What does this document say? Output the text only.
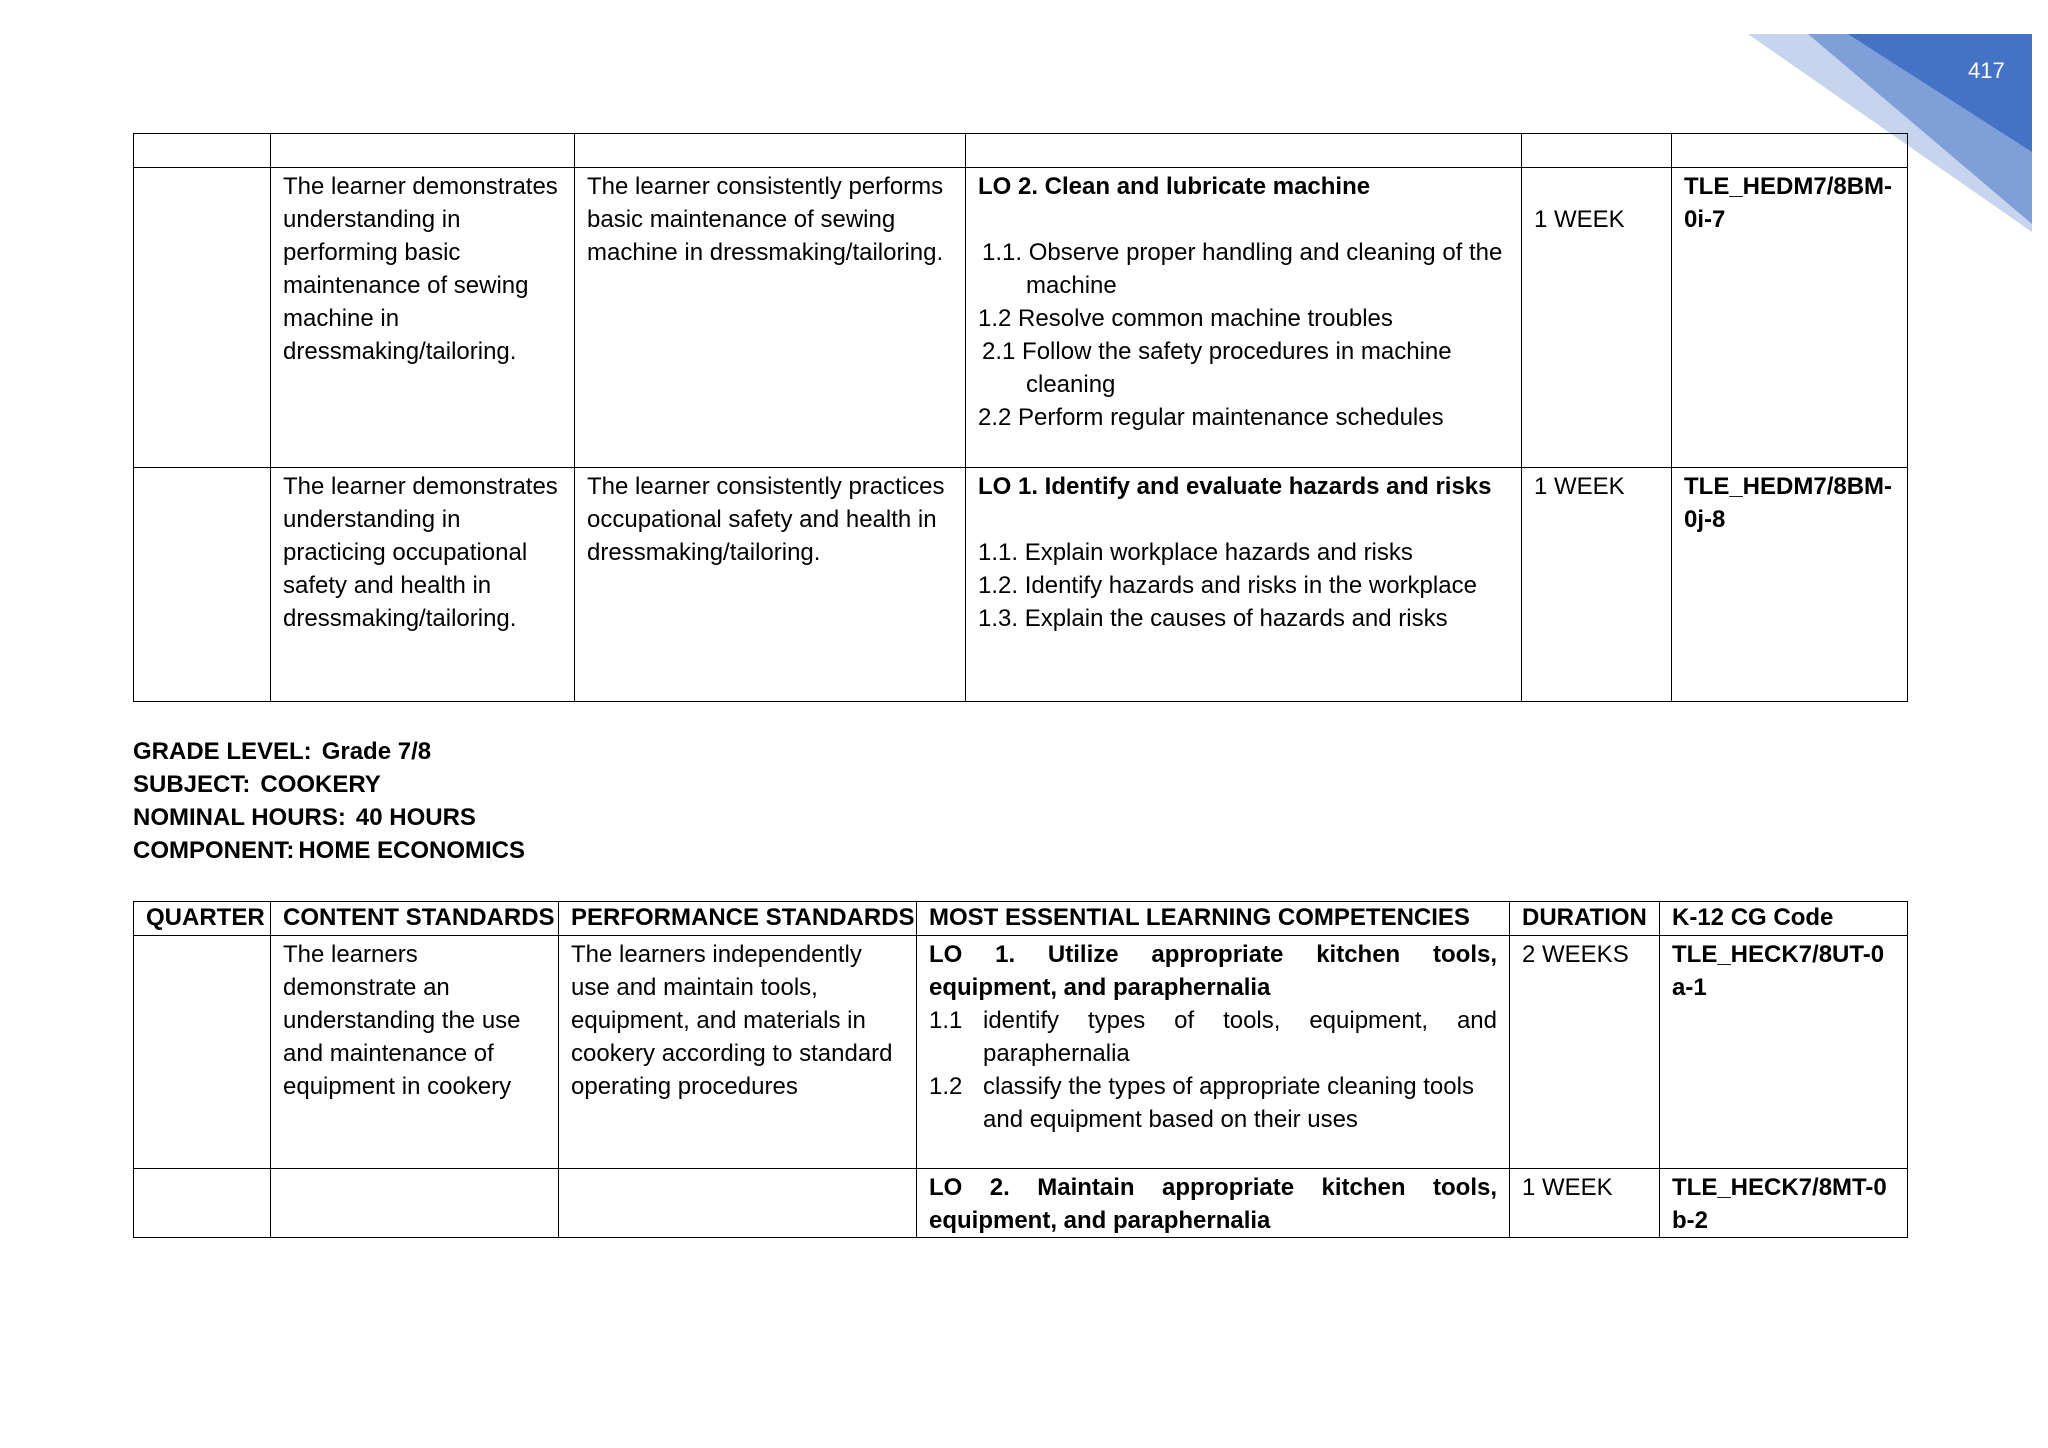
417

	The learner demonstrates understanding in performing basic maintenance of sewing machine in dressmaking/tailoring.	The learner consistently performs basic maintenance of sewing machine in dressmaking/tailoring.	LO 2. Clean and lubricate machine
1.1. Observe proper handling and cleaning of the machine
1.2 Resolve common machine troubles
2.1 Follow the safety procedures in machine cleaning
2.2 Perform regular maintenance schedules	1 WEEK	TLE_HEDM7/8BM-0i-7
	The learner demonstrates understanding in practicing occupational safety and health in dressmaking/tailoring.	The learner consistently practices occupational safety and health in dressmaking/tailoring.	LO 1. Identify and evaluate hazards and risks
1.1. Explain workplace hazards and risks
1.2. Identify hazards and risks in the workplace
1.3. Explain the causes of hazards and risks	1 WEEK	TLE_HEDM7/8BM-0j-8
GRADE LEVEL: Grade 7/8
SUBJECT: COOKERY
NOMINAL HOURS: 40 HOURS
COMPONENT: HOME ECONOMICS
QUARTER	CONTENT STANDARDS	PERFORMANCE STANDARDS	MOST ESSENTIAL LEARNING COMPETENCIES	DURATION	K-12 CG Code
	The learners demonstrate an understanding the use and maintenance of equipment in cookery	The learners independently use and maintain tools, equipment, and materials in cookery according to standard operating procedures	LO 1. Utilize appropriate kitchen tools, equipment, and paraphernalia
1.1 identify types of tools, equipment, and paraphernalia
1.2 classify the types of appropriate cleaning tools and equipment based on their uses	2 WEEKS	TLE_HECK7/8UT-0a-1

			LO 2. Maintain appropriate kitchen tools, equipment, and paraphernalia	1 WEEK	TLE_HECK7/8MT-0b-2
